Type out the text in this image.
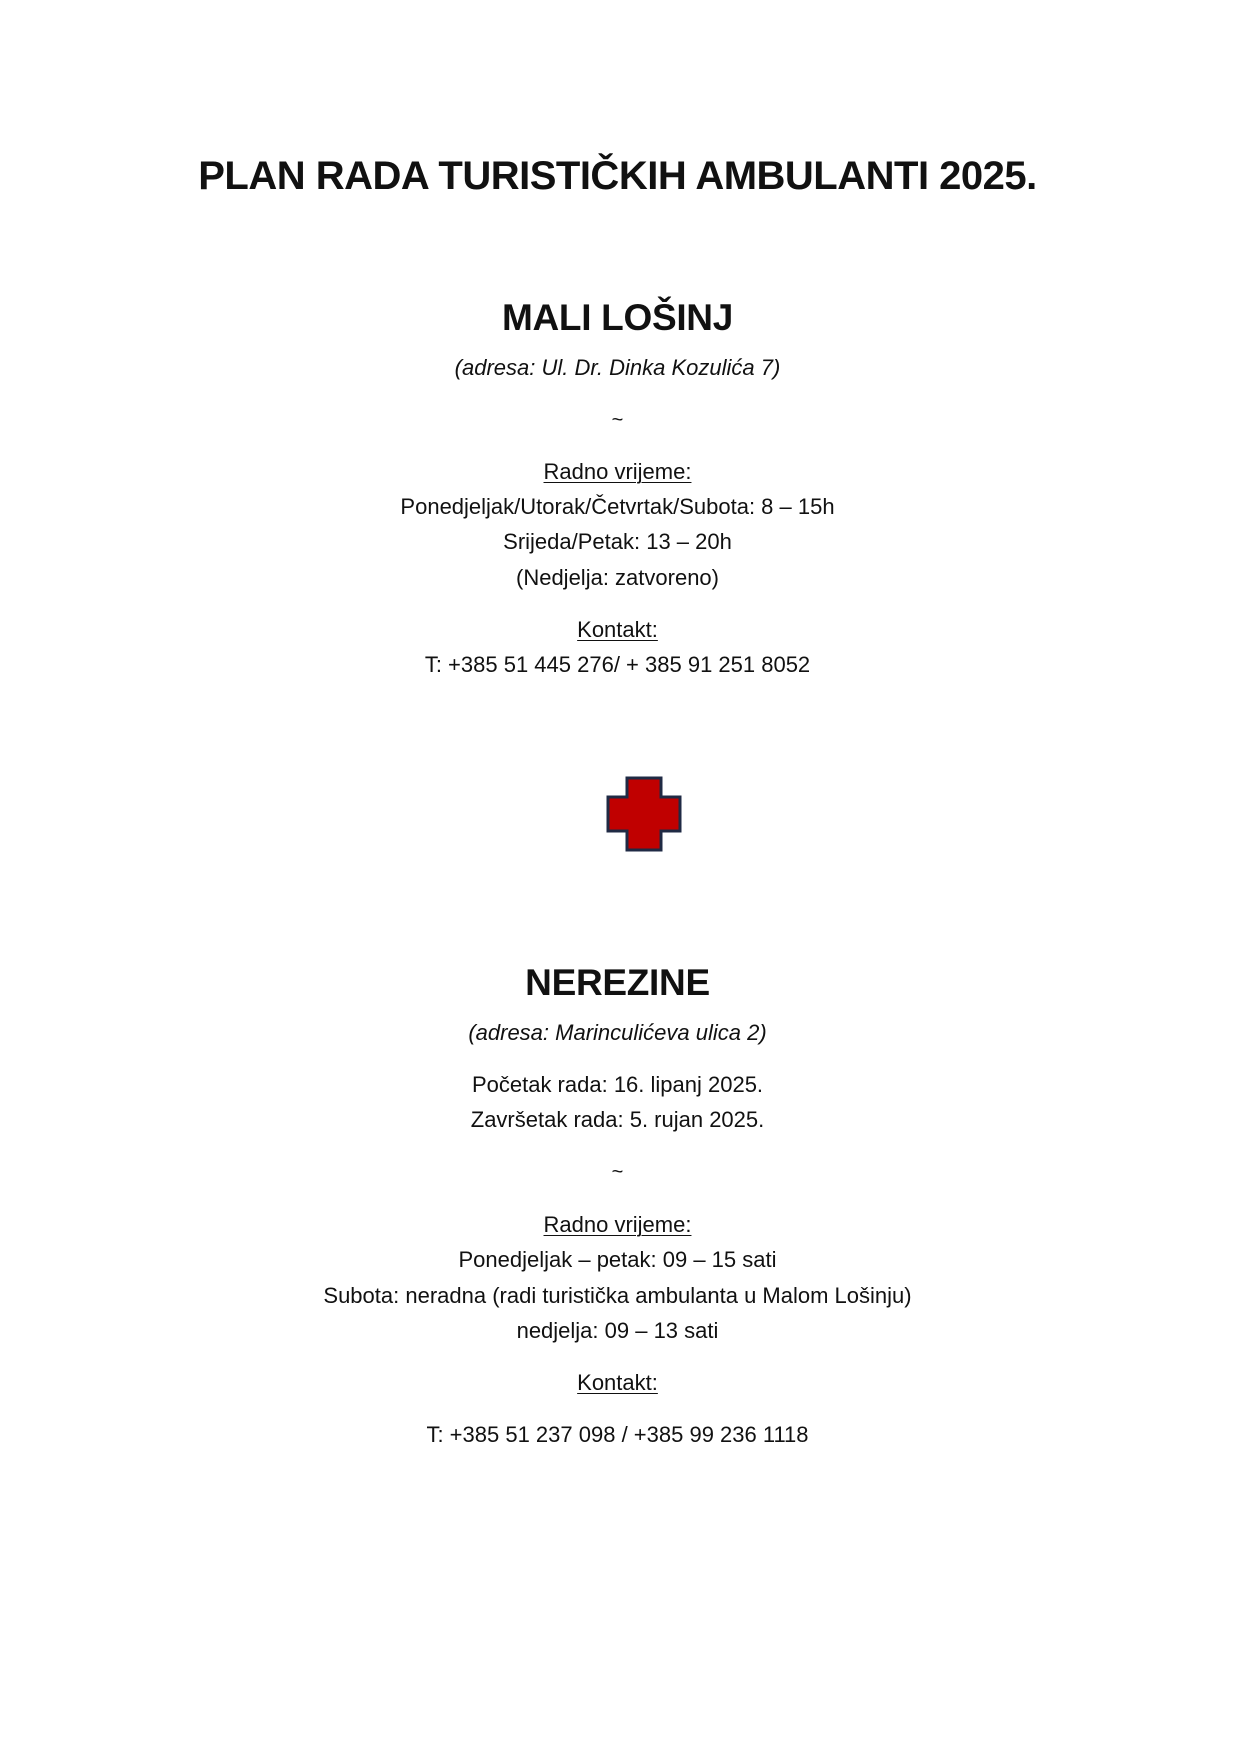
PLAN RADA TURISTIČKIH AMBULANTI 2025.
MALI LOŠINJ
(adresa: Ul. Dr. Dinka Kozulića 7)
~
Radno vrijeme:
Ponedjeljak/Utorak/Četvrtak/Subota: 8 – 15h
Srijeda/Petak: 13 – 20h
(Nedjelja: zatvoreno)
Kontakt:
T: +385 51 445 276/ + 385 91 251 8052
NEREZINE
(adresa: Marinculićeva ulica 2)
Početak rada: 16. lipanj 2025.
Završetak rada: 5. rujan 2025.
~
Radno vrijeme:
Ponedjeljak – petak: 09 – 15 sati
Subota: neradna (radi turistička ambulanta u Malom Lošinju)
nedjelja: 09 – 13 sati
Kontakt:
T: +385 51 237 098 / +385 99 236 1118
